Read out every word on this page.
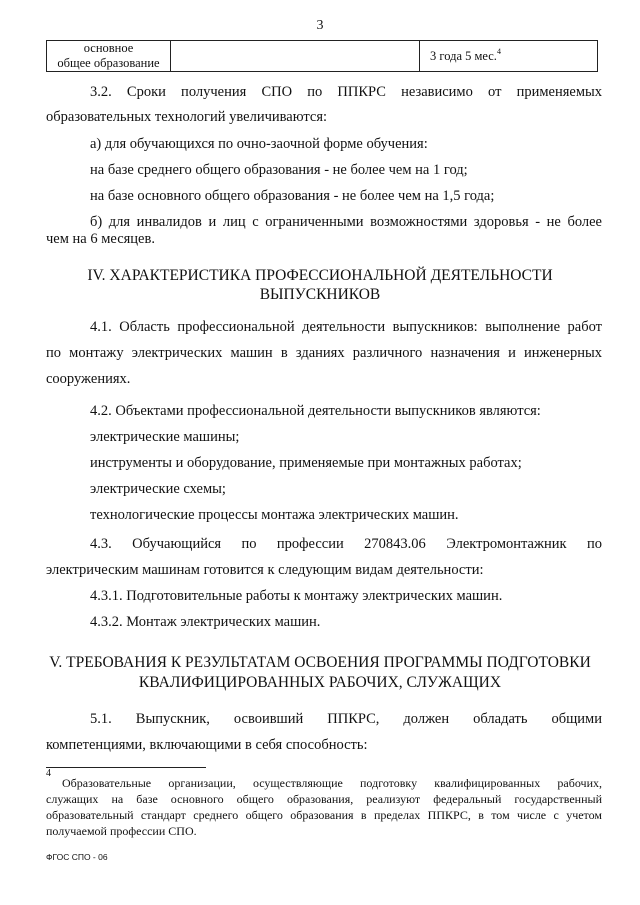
3
основное
общее образование
		3 года 5 мес.$^4$
3.2. Сроки получения СПО по ППКРС независимо от применяемых
образовательных технологий увеличиваются:
а) для обучающихся по очно-заочной форме обучения:
на базе среднего общего образования - не более чем на 1 год;
на базе основного общего образования - не более чем на 1,5 года;
б) для инвалидов и лиц с ограниченными возможностями здоровья - не более
чем на 6 месяцев.
IV. ХАРАКТЕРИСТИКА ПРОФЕССИОНАЛЬНОЙ ДЕЯТЕЛЬНОСТИ
ВЫПУСКНИКОВ
4.1. Область профессиональной деятельности выпускников: выполнение работ
по монтажу электрических машин в зданиях различного назначения и инженерных
сооружениях.
4.2. Объектами профессиональной деятельности выпускников являются:
электрические машины;
инструменты и оборудование, применяемые при монтажных работах;
электрические схемы;
технологические процессы монтажа электрических машин.
4.3. Обучающийся по профессии 270843.06 Электромонтажник по
электрическим машинам готовится к следующим видам деятельности:
4.3.1. Подготовительные работы к монтажу электрических машин.
4.3.2. Монтаж электрических машин.
V. ТРЕБОВАНИЯ К РЕЗУЛЬТАТАМ ОСВОЕНИЯ ПРОГРАММЫ ПОДГОТОВКИ
КВАЛИФИЦИРОВАННЫХ РАБОЧИХ, СЛУЖАЩИХ
5.1. Выпускник, освоивший ППКРС, должен обладать общими
компетенциями, включающими в себя способность:
4
Образовательные организации, осуществляющие подготовку квалифицированных рабочих,
служащих на базе основного общего образования, реализуют федеральный государственный
образовательный стандарт среднего общего образования в пределах ППКРС, в том числе с учетом
получаемой профессии СПО.
ФГОС СПО - 06
